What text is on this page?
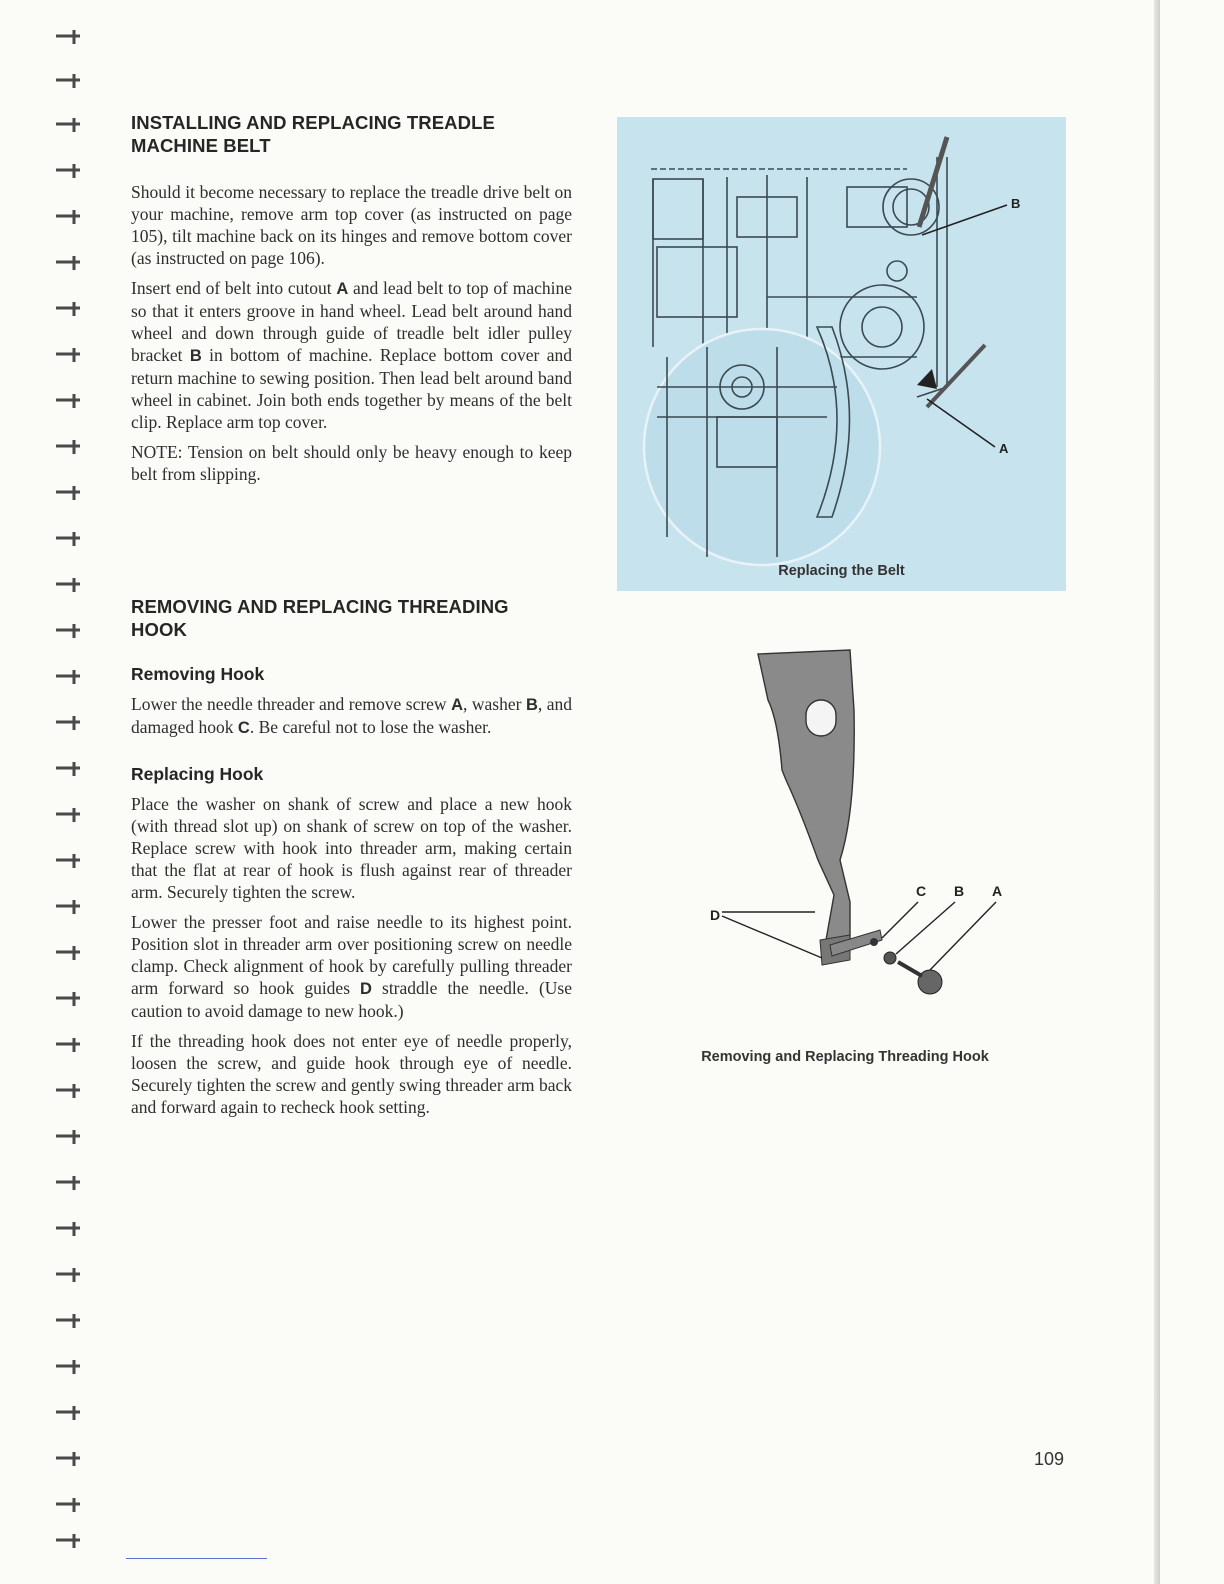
INSTALLING AND REPLACING TREADLE
MACHINE BELT

Should it become necessary to replace the treadle drive belt on your machine, remove arm top cover (as instructed on page 105), tilt machine back on its hinges and remove bottom cover (as instructed on page 106).

Insert end of belt into cutout A and lead belt to top of machine so that it enters groove in hand wheel. Lead belt around hand wheel and down through guide of treadle belt idler pulley bracket B in bottom of machine. Replace bottom cover and return machine to sewing position. Then lead belt around band wheel in cabinet. Join both ends together by means of the belt clip. Replace arm top cover.

NOTE: Tension on belt should only be heavy enough to keep belt from slipping.

REMOVING AND REPLACING THREADING
HOOK
Removing Hook

Lower the needle threader and remove screw A, washer B, and damaged hook C. Be careful not to lose the washer.

Replacing Hook

Place the washer on shank of screw and place a new hook (with thread slot up) on shank of screw on top of the washer. Replace screw with hook into threader arm, making certain that the flat at rear of hook is flush against rear of threader arm. Securely tighten the screw.

Lower the presser foot and raise needle to its highest point. Position slot in threader arm over positioning screw on needle clamp. Check alignment of hook by carefully pulling threader arm forward so hook guides D straddle the needle. (Use caution to avoid damage to new hook.)

If the threading hook does not enter eye of needle properly, loosen the screw, and guide hook through eye of needle. Securely tighten the screw and gently swing threader arm back and forward again to recheck hook setting.

B
A
Replacing the Belt
C B A
D
Removing and Replacing Threading Hook
109
